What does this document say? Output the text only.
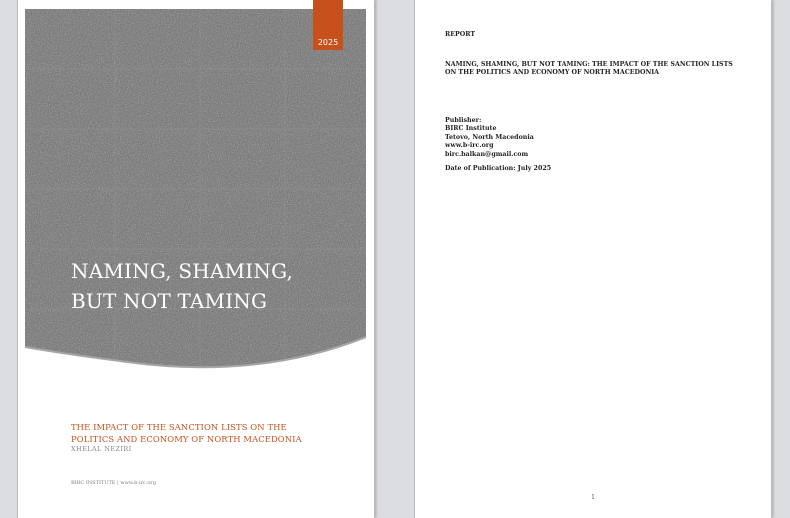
2025
NAMING, SHAMING,
BUT NOT TAMING
THE IMPACT OF THE SANCTION LISTS ON THE
POLITICS AND ECONOMY OF NORTH MACEDONIA
XHELAL NEZIRI
BIRC INSTITUTE | www.b-irc.org
REPORT
NAMING, SHAMING, BUT NOT TAMING: THE IMPACT OF THE SANCTION LISTS
ON THE POLITICS AND ECONOMY OF NORTH MACEDONIA
Publisher:
BIRC Institute
Tetovo, North Macedonia
www.b-irc.org
birc.balkan@gmail.com
Date of Publication: July 2025
1
